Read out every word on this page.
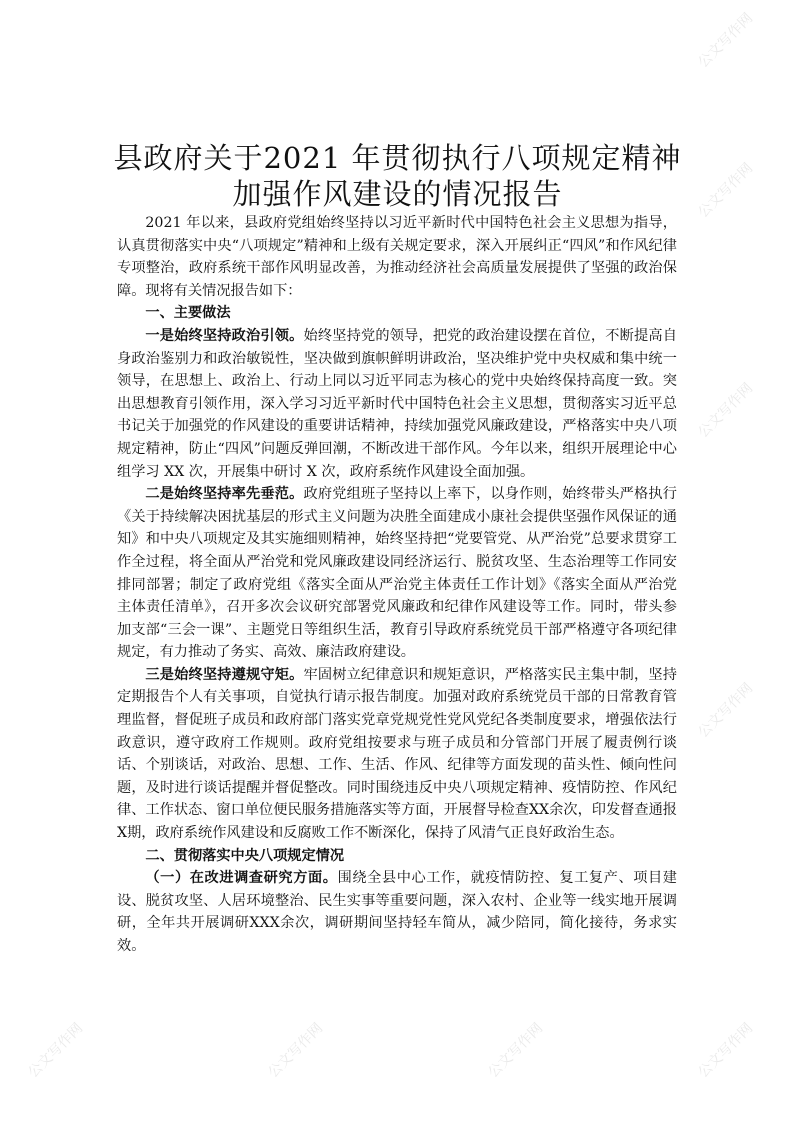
公文写作网
公文写作网
公文写作网
公文写作网
公文写作网
公文写作网	公文写作网	公文写作网
县政府关于2021 年贯彻执行八项规定精神加强作风建设的情况报告

2021 年以来，县政府党组始终坚持以习近平新时代中国特色社会主义思想为指导，认真贯彻落实中央“八项规定”精神和上级有关规定要求，深入开展纠正“四风”和作风纪律专项整治，政府系统干部作风明显改善，为推动经济社会高质量发展提供了坚强的政治保障。现将有关情况报告如下：

一、主要做法

一是始终坚持政治引领。始终坚持党的领导，把党的政治建设摆在首位，不断提高自身政治鉴别力和政治敏锐性，坚决做到旗帜鲜明讲政治，坚决维护党中央权威和集中统一领导，在思想上、政治上、行动上同以习近平同志为核心的党中央始终保持高度一致。突出思想教育引领作用，深入学习习近平新时代中国特色社会主义思想，贯彻落实习近平总书记关于加强党的作风建设的重要讲话精神，持续加强党风廉政建设，严格落实中央八项规定精神，防止“四风”问题反弹回潮，不断改进干部作风。今年以来，组织开展理论中心组学习 XX 次，开展集中研讨 X 次，政府系统作风建设全面加强。

二是始终坚持率先垂范。政府党组班子坚持以上率下，以身作则，始终带头严格执行《关于持续解决困扰基层的形式主义问题为决胜全面建成小康社会提供坚强作风保证的通知》和中央八项规定及其实施细则精神，始终坚持把“党要管党、从严治党”总要求贯穿工作全过程，将全面从严治党和党风廉政建设同经济运行、脱贫攻坚、生态治理等工作同安排同部署；制定了政府党组《落实全面从严治党主体责任工作计划》《落实全面从严治党主体责任清单》，召开多次会议研究部署党风廉政和纪律作风建设等工作。同时，带头参加支部“三会一课”、主题党日等组织生活，教育引导政府系统党员干部严格遵守各项纪律规定，有力推动了务实、高效、廉洁政府建设。

三是始终坚持遵规守矩。牢固树立纪律意识和规矩意识，严格落实民主集中制，坚持定期报告个人有关事项，自觉执行请示报告制度。加强对政府系统党员干部的日常教育管理监督，督促班子成员和政府部门落实党章党规党性党风党纪各类制度要求，增强依法行政意识，遵守政府工作规则。政府党组按要求与班子成员和分管部门开展了履责例行谈话、个别谈话，对政治、思想、工作、生活、作风、纪律等方面发现的苗头性、倾向性问题，及时进行谈话提醒并督促整改。同时围绕违反中央八项规定精神、疫情防控、作风纪律、工作状态、窗口单位便民服务措施落实等方面，开展督导检查XX余次，印发督查通报X期，政府系统作风建设和反腐败工作不断深化，保持了风清气正良好政治生态。

二、贯彻落实中央八项规定情况

（一）在改进调查研究方面。围绕全县中心工作，就疫情防控、复工复产、项目建设、脱贫攻坚、人居环境整治、民生实事等重要问题，深入农村、企业等一线实地开展调研，全年共开展调研XXX余次，调研期间坚持轻车简从，减少陪同，简化接待，务求实效。
